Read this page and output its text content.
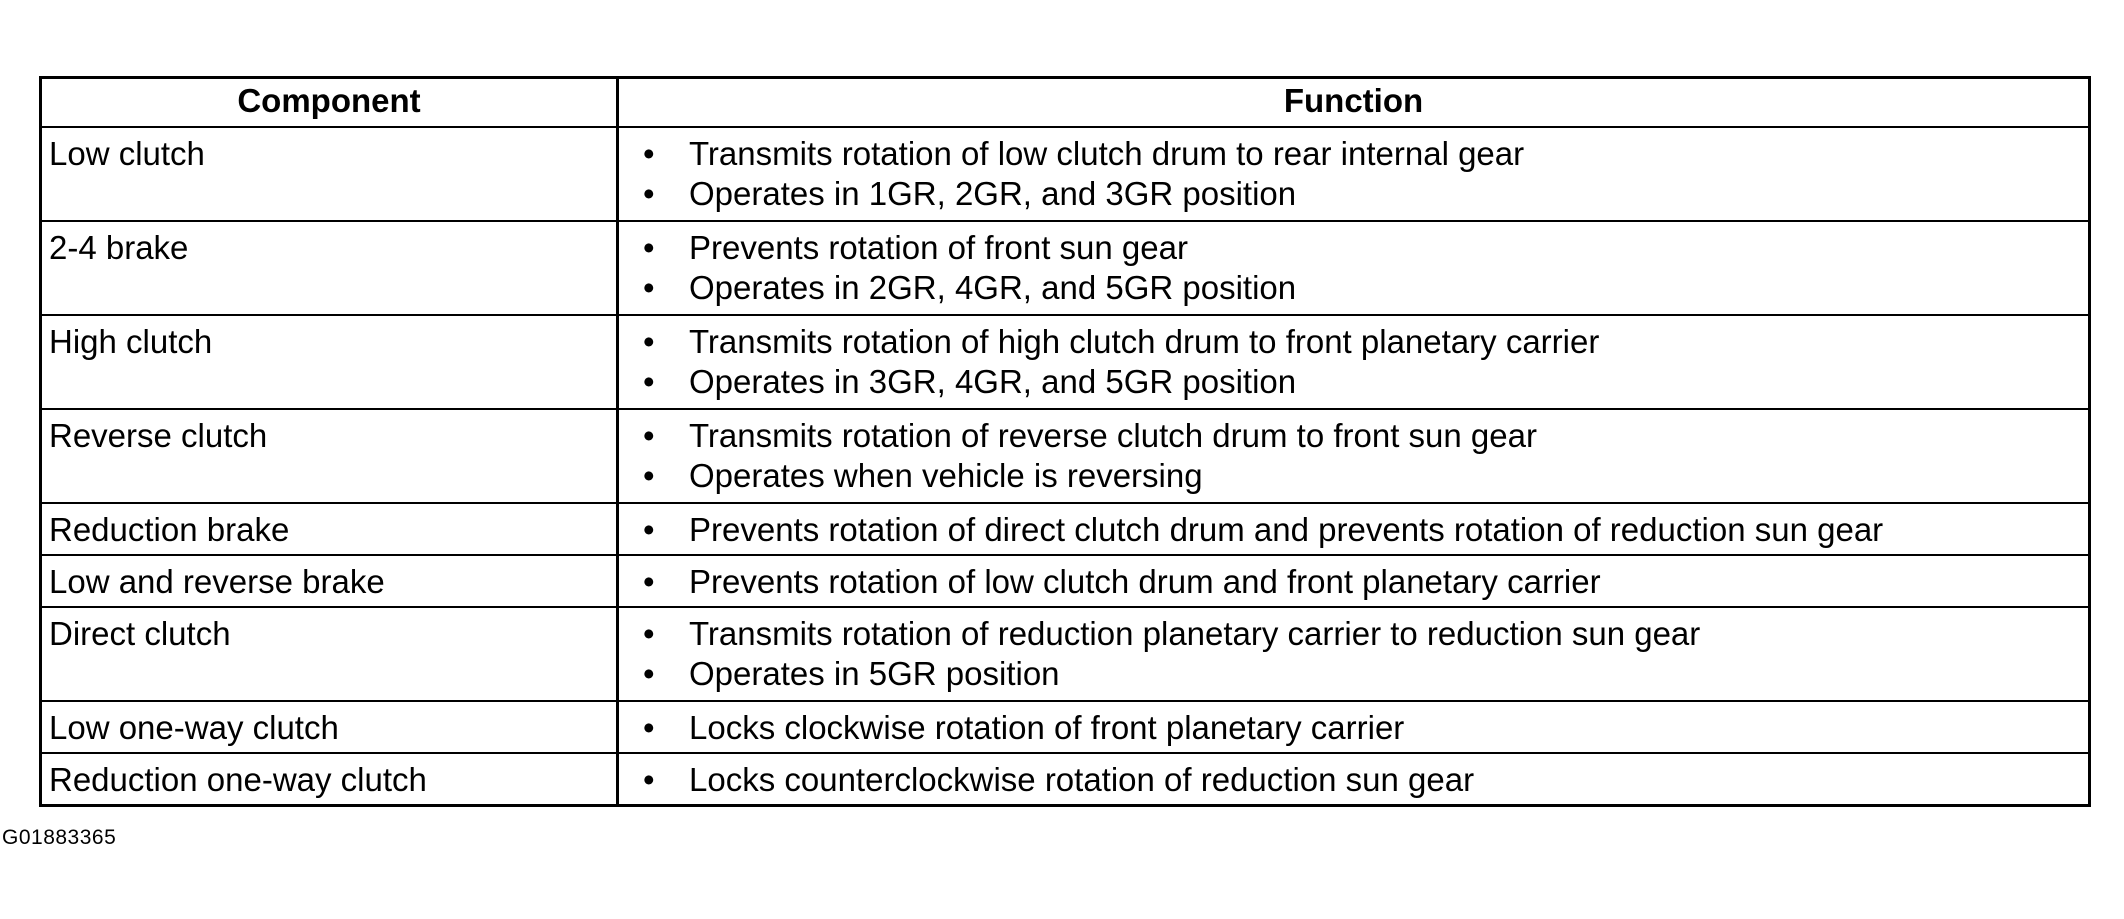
Component	Function
Low clutch	•	Transmits rotation of low clutch drum to rear internal gear
•	Operates in 1GR, 2GR, and 3GR position
2-4 brake	•	Prevents rotation of front sun gear
•	Operates in 2GR, 4GR, and 5GR position
High clutch	•	Transmits rotation of high clutch drum to front planetary carrier
•	Operates in 3GR, 4GR, and 5GR position
Reverse clutch	•	Transmits rotation of reverse clutch drum to front sun gear
•	Operates when vehicle is reversing
Reduction brake	•	Prevents rotation of direct clutch drum and prevents rotation of reduction sun gear
Low and reverse brake	•	Prevents rotation of low clutch drum and front planetary carrier
Direct clutch	•	Transmits rotation of reduction planetary carrier to reduction sun gear
•	Operates in 5GR position
Low one-way clutch	•	Locks clockwise rotation of front planetary carrier
Reduction one-way clutch	•	Locks counterclockwise rotation of reduction sun gear
G01883365
